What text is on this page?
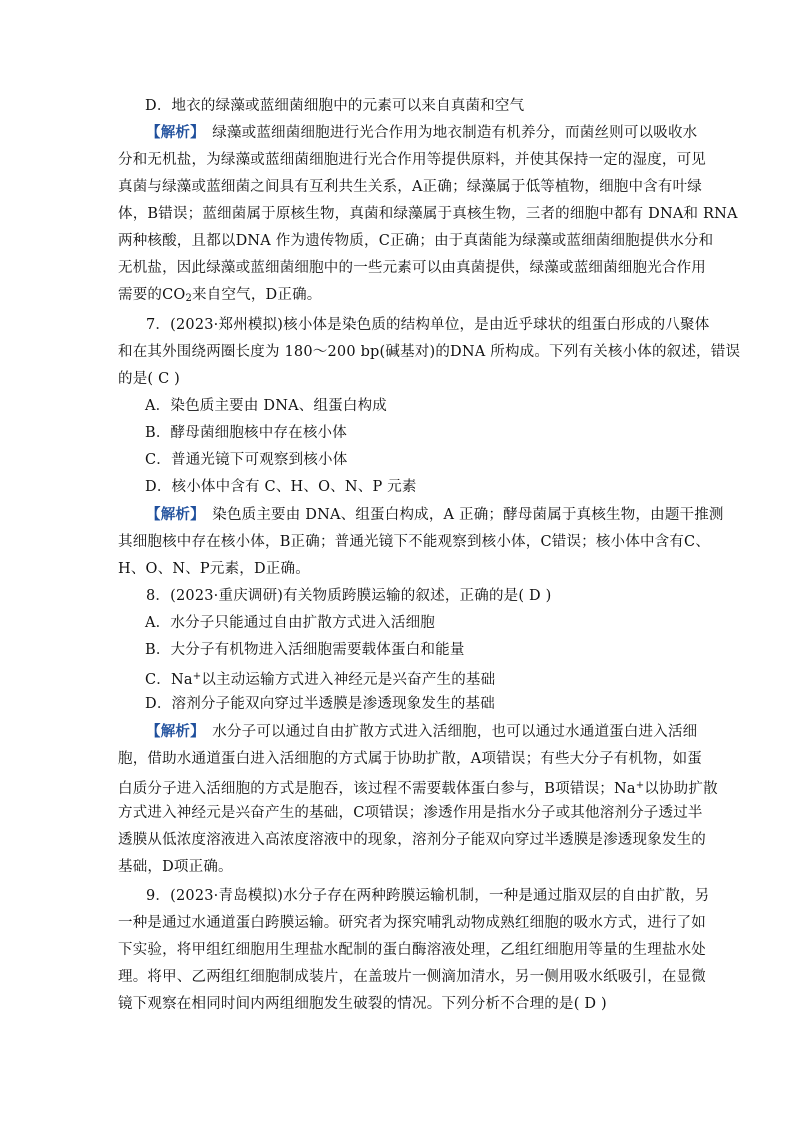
D．地衣的绿藻或蓝细菌细胞中的元素可以来自真菌和空气
【解析】　绿藻或蓝细菌细胞进行光合作用为地衣制造有机养分，而菌丝则可以吸收水
分和无机盐，为绿藻或蓝细菌细胞进行光合作用等提供原料，并使其保持一定的湿度，可见
真菌与绿藻或蓝细菌之间具有互利共生关系，A正确；绿藻属于低等植物，细胞中含有叶绿
体，B错误；蓝细菌属于原核生物，真菌和绿藻属于真核生物，三者的细胞中都有 DNA和 RNA
两种核酸，且都以DNA 作为遗传物质，C正确；由于真菌能为绿藻或蓝细菌细胞提供水分和
无机盐，因此绿藻或蓝细菌细胞中的一些元素可以由真菌提供，绿藻或蓝细菌细胞光合作用
需要的$CO_2$来自空气，D正确。
7．(2023·郑州模拟)核小体是染色质的结构单位，是由近乎球状的组蛋白形成的八聚体
和在其外围绕两圈长度为 180～200 bp(碱基对)的DNA 所构成。下列有关核小体的叙述，错误
的是( C )
A．染色质主要由 DNA、组蛋白构成
B．酵母菌细胞核中存在核小体
C．普通光镜下可观察到核小体
D．核小体中含有 C、H、O、N、P 元素
【解析】　染色质主要由 DNA、组蛋白构成，A 正确；酵母菌属于真核生物，由题干推测
其细胞核中存在核小体，B正确；普通光镜下不能观察到核小体，C错误；核小体中含有C、
H、O、N、P元素，D正确。
8．(2023·重庆调研)有关物质跨膜运输的叙述，正确的是( D )
A．水分子只能通过自由扩散方式进入活细胞
B．大分子有机物进入活细胞需要载体蛋白和能量
C．Na+以主动运输方式进入神经元是兴奋产生的基础
D．溶剂分子能双向穿过半透膜是渗透现象发生的基础
【解析】　水分子可以通过自由扩散方式进入活细胞，也可以通过水通道蛋白进入活细
胞，借助水通道蛋白进入活细胞的方式属于协助扩散，A项错误；有些大分子有机物，如蛋
白质分子进入活细胞的方式是胞吞，该过程不需要载体蛋白参与，B项错误；Na+以协助扩散
方式进入神经元是兴奋产生的基础，C项错误；渗透作用是指水分子或其他溶剂分子透过半
透膜从低浓度溶液进入高浓度溶液中的现象，溶剂分子能双向穿过半透膜是渗透现象发生的
基础，D项正确。
9．(2023·青岛模拟)水分子存在两种跨膜运输机制，一种是通过脂双层的自由扩散，另
一种是通过水通道蛋白跨膜运输。研究者为探究哺乳动物成熟红细胞的吸水方式，进行了如
下实验，将甲组红细胞用生理盐水配制的蛋白酶溶液处理，乙组红细胞用等量的生理盐水处
理。将甲、乙两组红细胞制成装片，在盖玻片一侧滴加清水，另一侧用吸水纸吸引，在显微
镜下观察在相同时间内两组细胞发生破裂的情况。下列分析不合理的是( D )
